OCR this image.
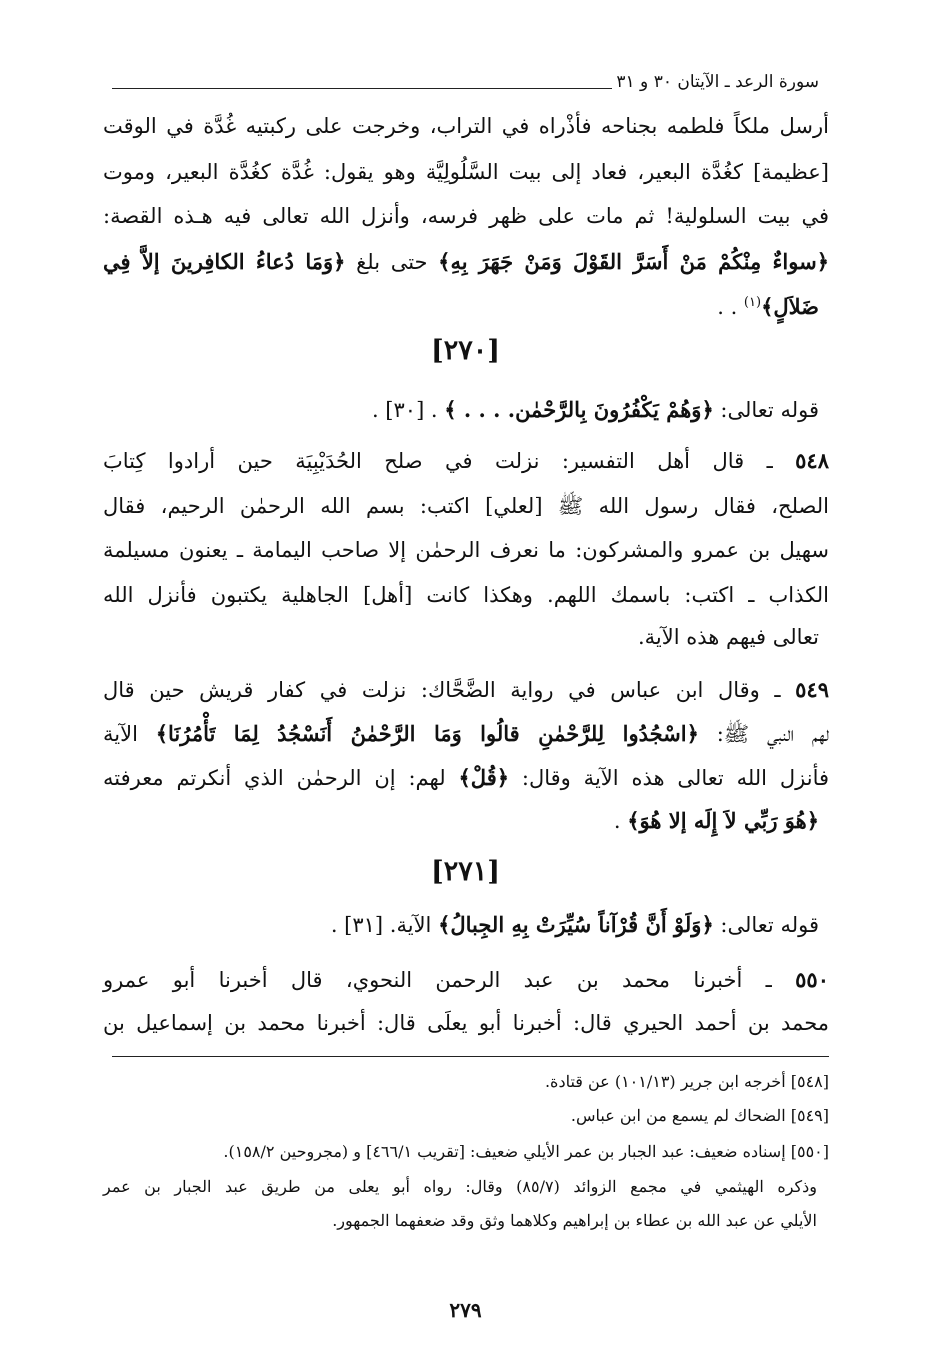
سورة الرعد ـ الآيتان ٣٠ و ٣١
أرسل ملكاً فلطمه بجناحه فأذْراه في التراب، وخرجت على ركبتيه غُدَّة في الوقت
[عظيمة] كغُدَّة البعير، فعاد إلى بيت السَّلُولِيَّة وهو يقول: غُدَّة كغُدَّة البعير، وموت
في بيت السلولية! ثم مات على ظهر فرسه، وأنزل الله تعالى فيه هـذه القصة:
﴿سواءٌ مِنْكُمْ مَنْ أَسَرَّ القَوْلَ وَمَنْ جَهَرَ بِهِ﴾ حتى بلغ ﴿وَمَا دُعاءُ الكافِرينَ إلاَّ فِي
ضَلاَلٍ﴾$^{(١)}$ . .
[٢٧٠]
قوله تعالى: ﴿وَهُمْ يَكْفُرُونَ بِالرَّحْمٰن. . . . ﴾ . [٣٠] .
٥٤٨ ـ قال أهل التفسير: نزلت في صلح الحُدَيْبِيَة حين أرادوا كِتابَ
الصلح، فقال رسول الله ﷺ [لعلي] اكتب: بسم الله الرحمٰن الرحيم، فقال
سهيل بن عمرو والمشركون: ما نعرف الرحمٰن إلا صاحب اليمامة ـ يعنون مسيلمة
الكذاب ـ اكتب: باسمك اللهم. وهكذا كانت [أهل] الجاهلية يكتبون فأنزل الله
تعالى فيهم هذه الآية.
٥٤٩ ـ وقال ابن عباس في رواية الضَّحَّاك: نزلت في كفار قريش حين قال
لهم النبي ﷺ: ﴿اسْجُدُوا لِلرَّحْمٰنِ قالُوا وَمَا الرَّحْمٰنُ أَنَسْجُدُ لِمَا تَأْمُرُنَا﴾ الآية
فأنزل الله تعالى هذه الآية وقال: ﴿قُلْ﴾ لهم: إن الرحمٰن الذي أنكرتم معرفته
﴿هُوَ رَبِّي لاَ إِلَه إلا هُوَ﴾ .
[٢٧١]
قوله تعالى: ﴿وَلَوْ أَنَّ قُرْآناً سُيِّرَتْ بِهِ الجِبالُ﴾ الآية. [٣١] .
٥٥٠ ـ أخبرنا محمد بن عبد الرحمن النحوي، قال أخبرنا أبو عمرو
محمد بن أحمد الحيري قال: أخبرنا أبو يعلَى قال: أخبرنا محمد بن إسماعيل بن
[٥٤٨] أخرجه ابن جرير (١٠١/١٣) عن قتادة.
[٥٤٩] الضحاك لم يسمع من ابن عباس.
[٥٥٠] إسناده ضعيف: عبد الجبار بن عمر الأيلي ضعيف: [تقريب ٤٦٦/١] و (مجروحين ١٥٨/٢).
وذكره الهيثمي في مجمع الزوائد (٨٥/٧) وقال: رواه أبو يعلى من طريق عبد الجبار بن عمر
الأيلي عن عبد الله بن عطاء بن إبراهيم وكلاهما وثق وقد ضعفهما الجمهور.
٢٧٩
